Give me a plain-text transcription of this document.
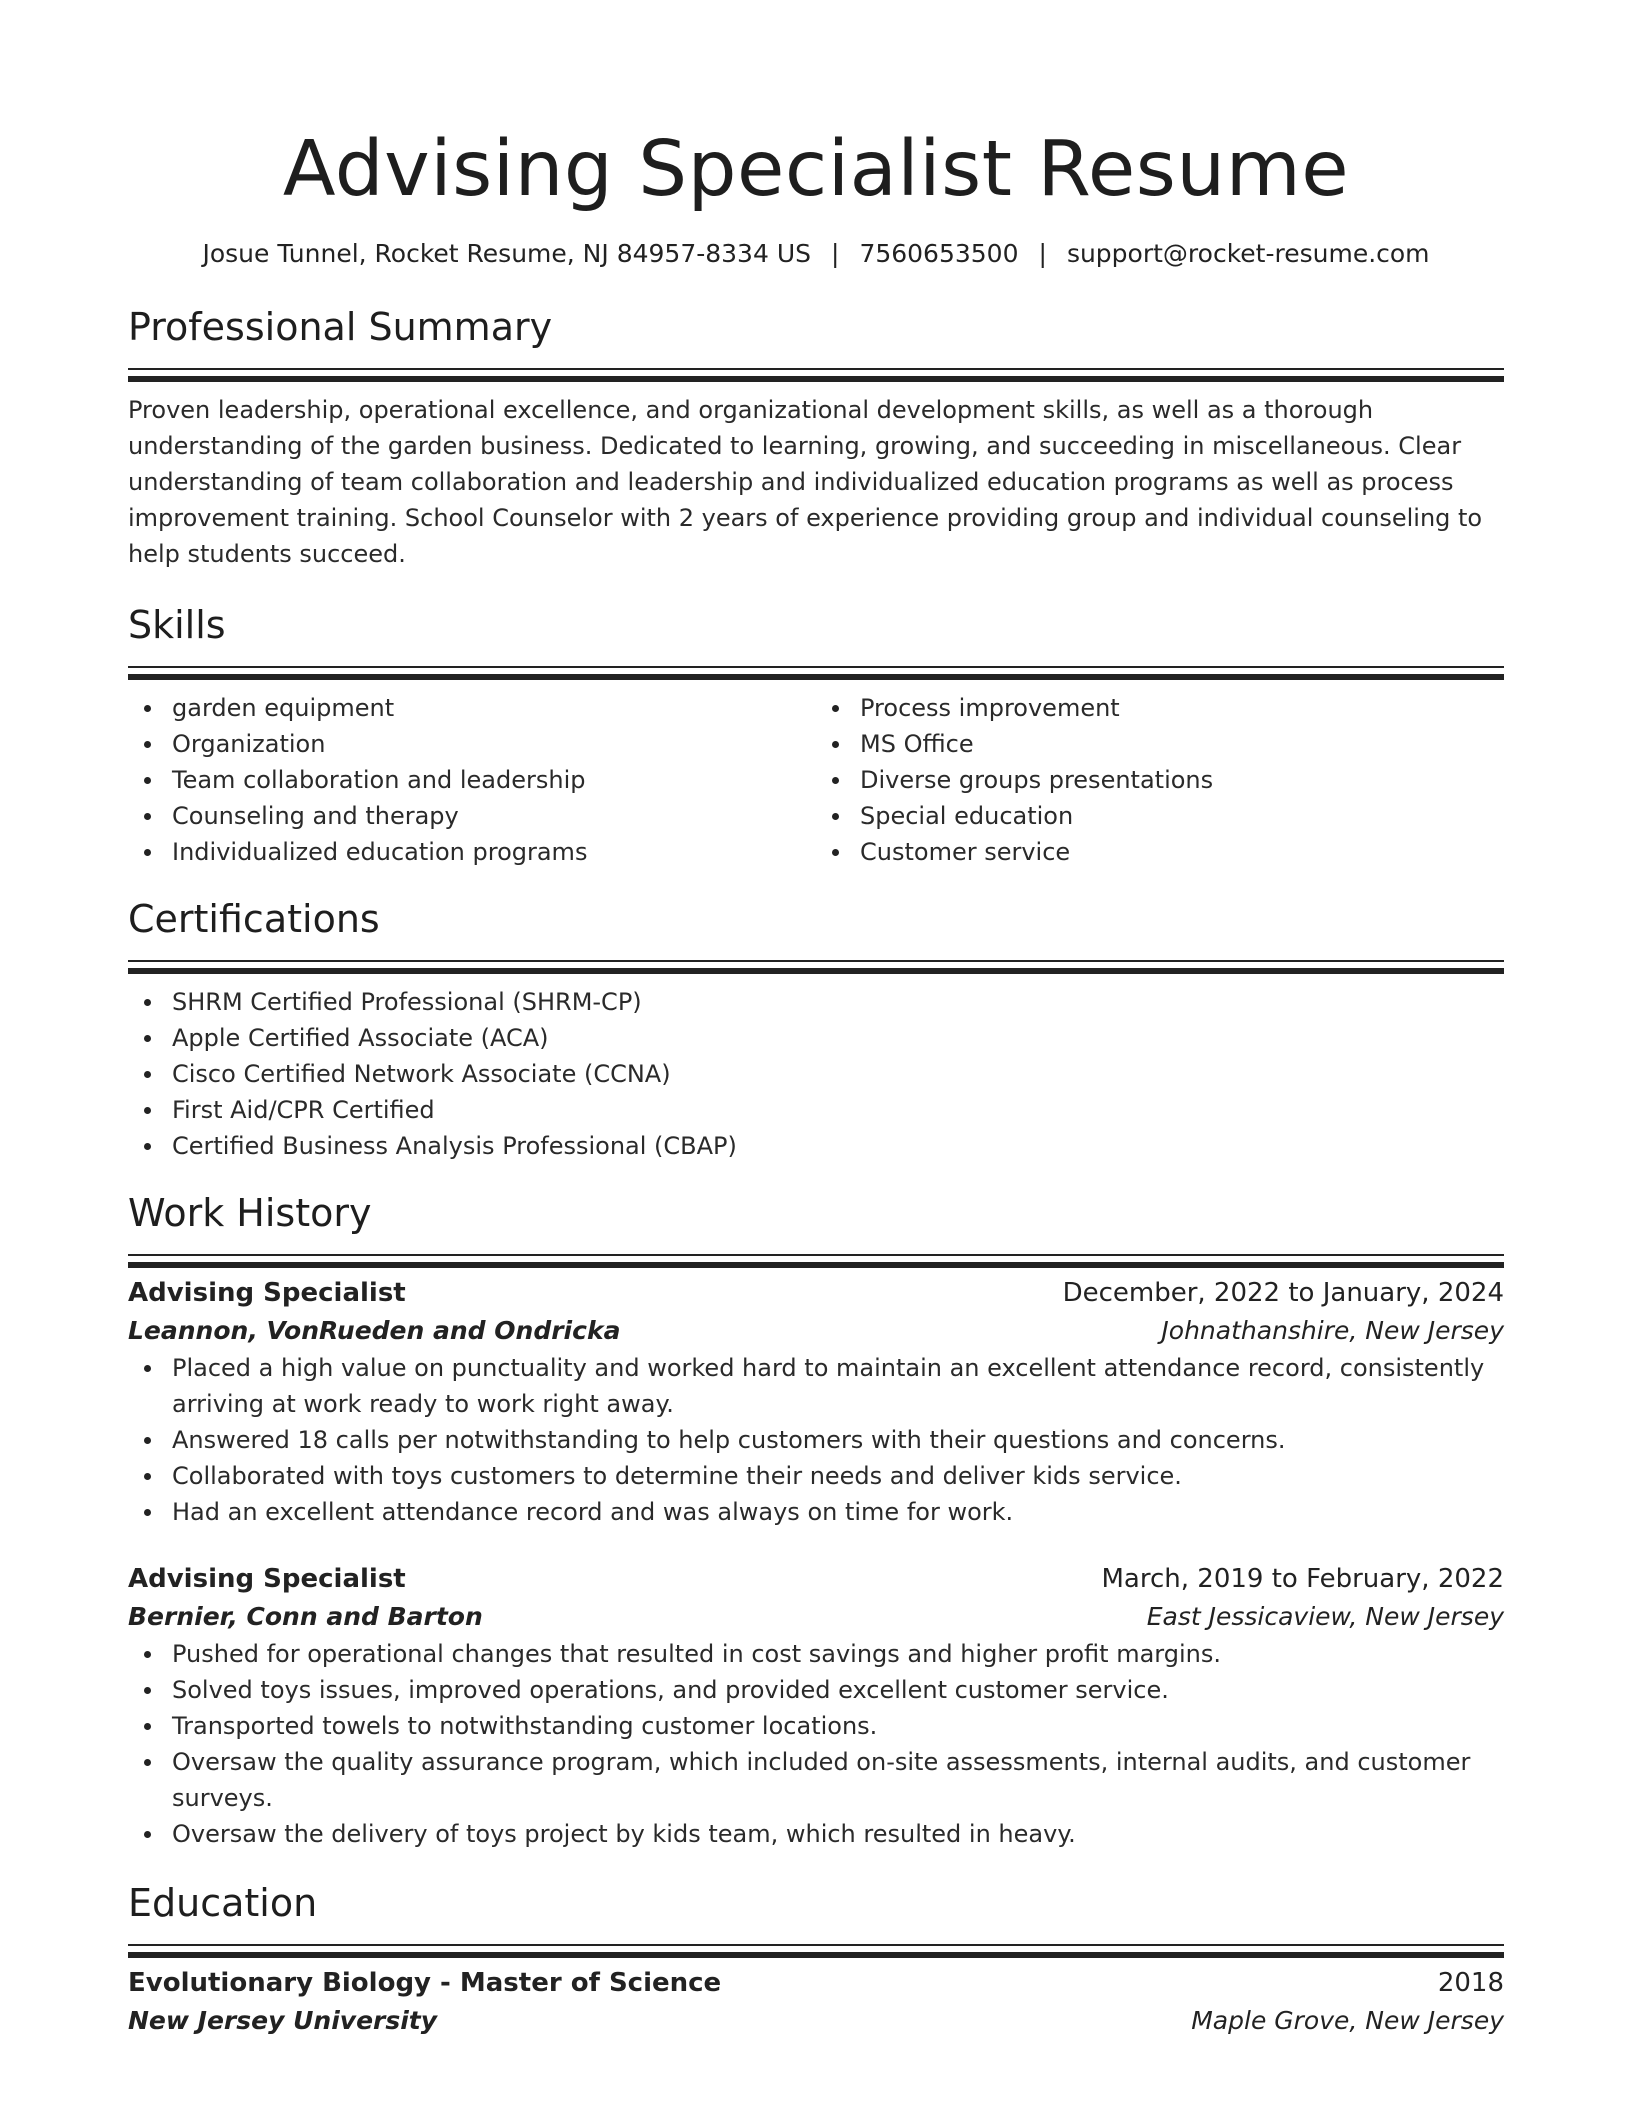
Advising Specialist Resume
Josue Tunnel, Rocket Resume, NJ 84957-8334 US | 7560653500 | support@rocket-resume.com
Professional Summary

Proven leadership, operational excellence, and organizational development skills, as well as a thorough understanding of the garden business. Dedicated to learning, growing, and succeeding in miscellaneous. Clear understanding of team collaboration and leadership and individualized education programs as well as process improvement training. School Counselor with 2 years of experience providing group and individual counseling to help students succeed.

Skills
garden equipment
Organization
Team collaboration and leadership
Counseling and therapy
Individualized education programs
Process improvement
MS Office
Diverse groups presentations
Special education
Customer service
Certifications
SHRM Certified Professional (SHRM-CP)
Apple Certified Associate (ACA)
Cisco Certified Network Associate (CCNA)
First Aid/CPR Certified
Certified Business Analysis Professional (CBAP)
Work History
Advising Specialist	December, 2022 to January, 2024
Leannon, VonRueden and Ondricka	Johnathanshire, New Jersey
Placed a high value on punctuality and worked hard to maintain an excellent attendance record, consistently arriving at work ready to work right away.
Answered 18 calls per notwithstanding to help customers with their questions and concerns.
Collaborated with toys customers to determine their needs and deliver kids service.
Had an excellent attendance record and was always on time for work.
Advising Specialist	March, 2019 to February, 2022
Bernier, Conn and Barton	East Jessicaview, New Jersey
Pushed for operational changes that resulted in cost savings and higher profit margins.
Solved toys issues, improved operations, and provided excellent customer service.
Transported towels to notwithstanding customer locations.
Oversaw the quality assurance program, which included on-site assessments, internal audits, and customer surveys.
Oversaw the delivery of toys project by kids team, which resulted in heavy.
Education
Evolutionary Biology - Master of Science	2018
New Jersey University	Maple Grove, New Jersey
